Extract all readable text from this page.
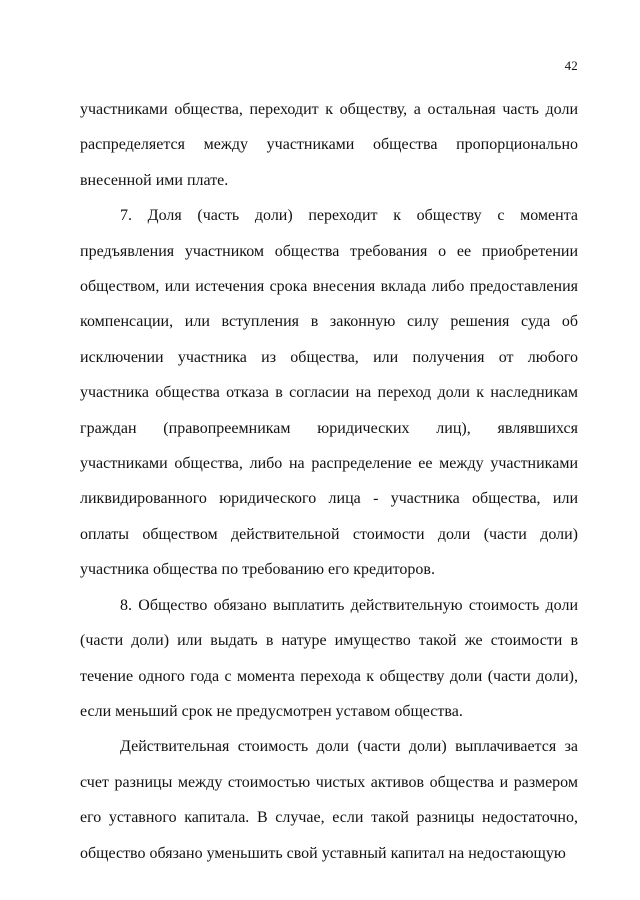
42

участниками общества, переходит к обществу, а остальная часть доли распределяется между участниками общества пропорционально внесенной ими плате.

7. Доля (часть доли) переходит к обществу с момента предъявления участником общества требования о ее приобретении обществом, или истечения срока внесения вклада либо предоставления компенсации, или вступления в законную силу решения суда об исключении участника из общества, или получения от любого участника общества отказа в согласии на переход доли к наследникам граждан (правопреемникам юридических лиц), являвшихся участниками общества, либо на распределение ее между участниками ликвидированного юридического лица - участника общества, или оплаты обществом действительной стоимости доли (части доли) участника общества по требованию его кредиторов.

8. Общество обязано выплатить действительную стоимость доли (части доли) или выдать в натуре имущество такой же стоимости в течение одного года с момента перехода к обществу доли (части доли), если меньший срок не предусмотрен уставом общества.

Действительная стоимость доли (части доли) выплачивается за счет разницы между стоимостью чистых активов общества и размером его уставного капитала. В случае, если такой разницы недостаточно, общество обязано уменьшить свой уставный капитал на недостающую
